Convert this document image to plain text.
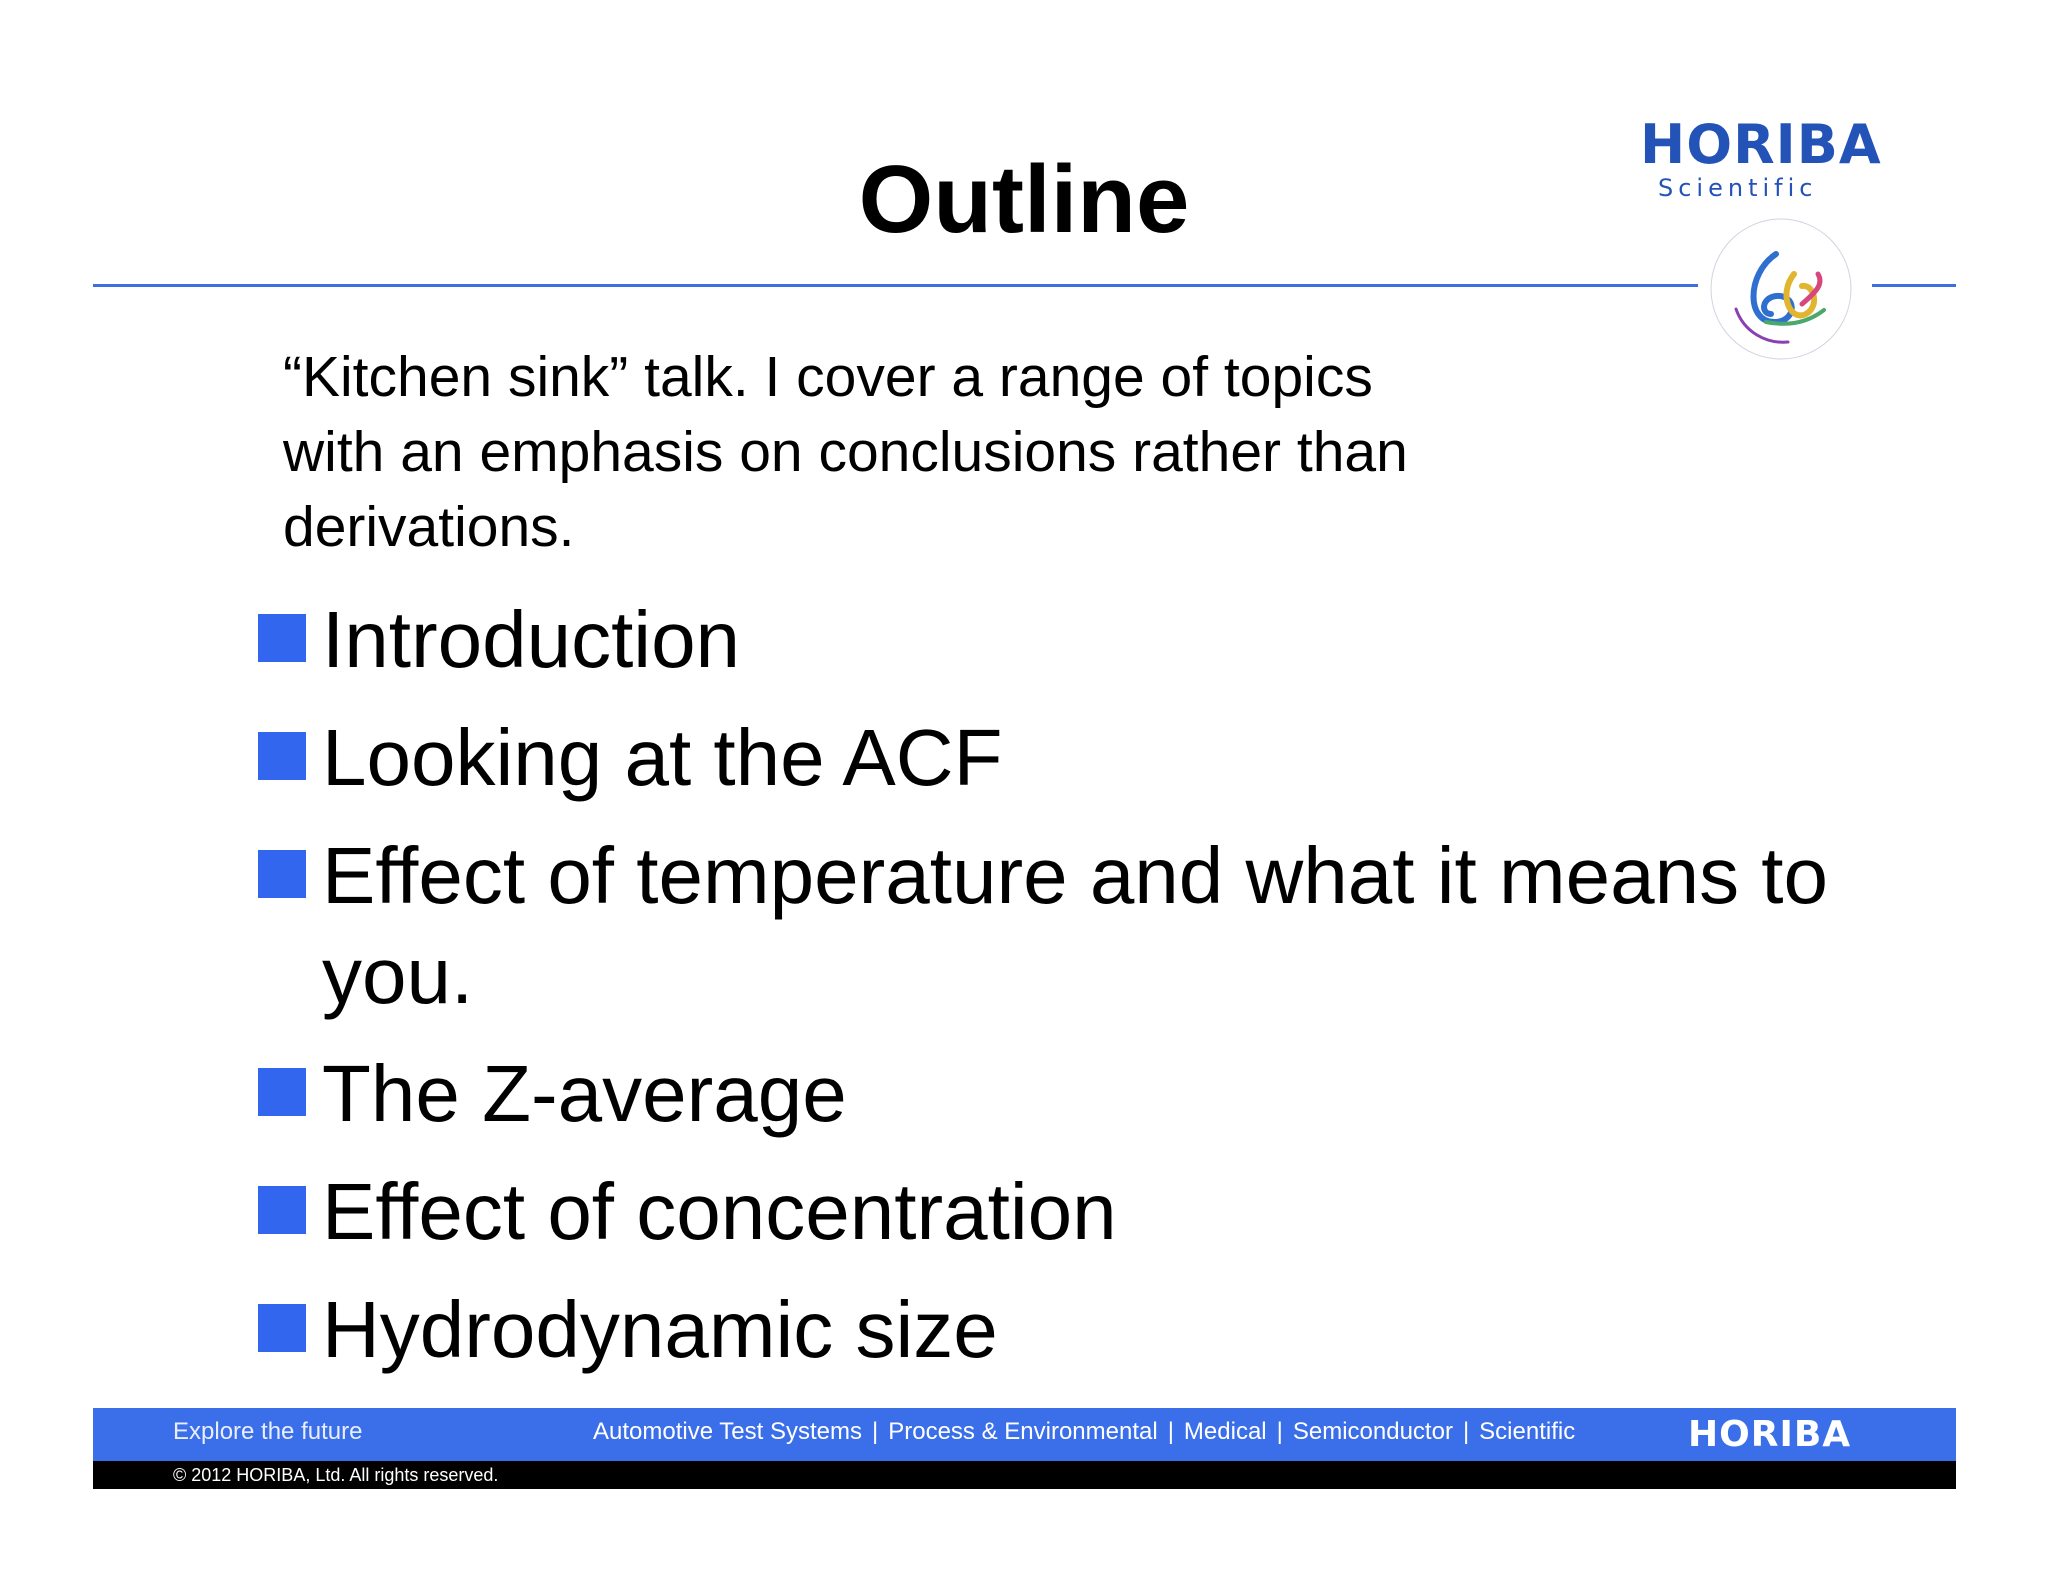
Outline
HORIBA
Scientific

“Kitchen sink” talk. I cover a range of topics

with an emphasis on conclusions rather than

derivations.

Introduction
Looking at the ACF
Effect of temperature and what it means to you.
The Z-average
Effect of concentration
Hydrodynamic size
Explore the future	Automotive Test Systems | Process & Environmental | Medical | Semiconductor | Scientific	HORIBA
© 2012 HORIBA, Ltd. All rights reserved.
